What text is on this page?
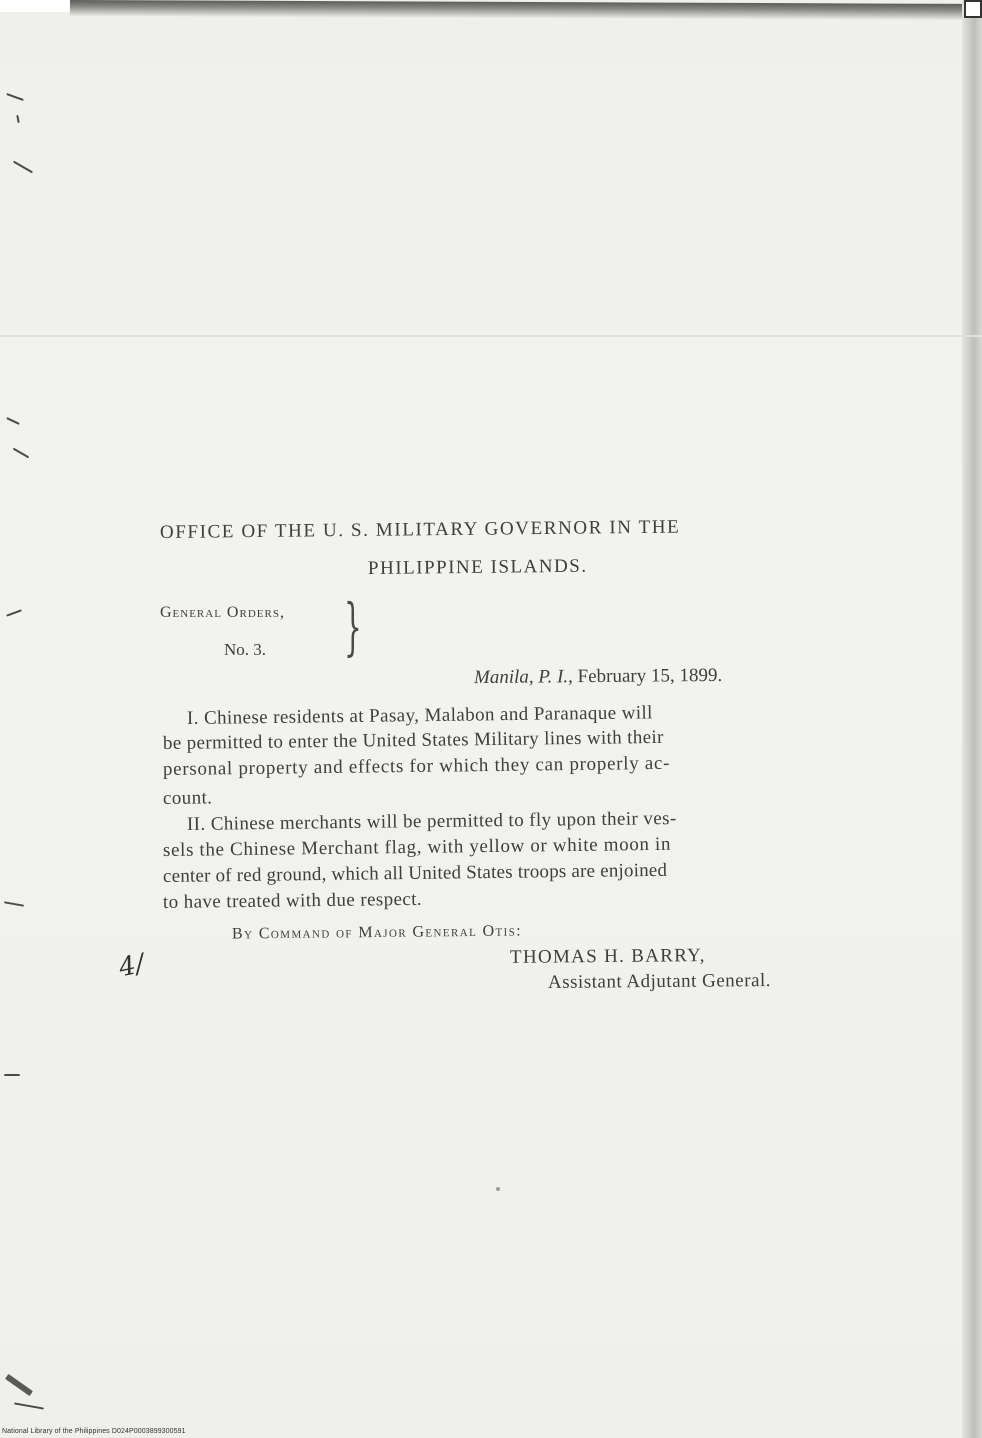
OFFICE OF THE U. S. MILITARY GOVERNOR IN THE
PHILIPPINE ISLANDS.
General Orders,
No. 3. }
Manila, P. I., February 15, 1899.
I. Chinese residents at Pasay, Malabon and Paranaque will
be permitted to enter the United States Military lines with their
personal property and effects for which they can properly ac-
count.
II. Chinese merchants will be permitted to fly upon their ves-
sels the Chinese Merchant flag, with yellow or white moon in
center of red ground, which all United States troops are enjoined
to have treated with due respect.
By Command of Major General Otis:
THOMAS H. BARRY,
Assistant Adjutant General.
4/
National Library of the Philippines D024P0003899300591
